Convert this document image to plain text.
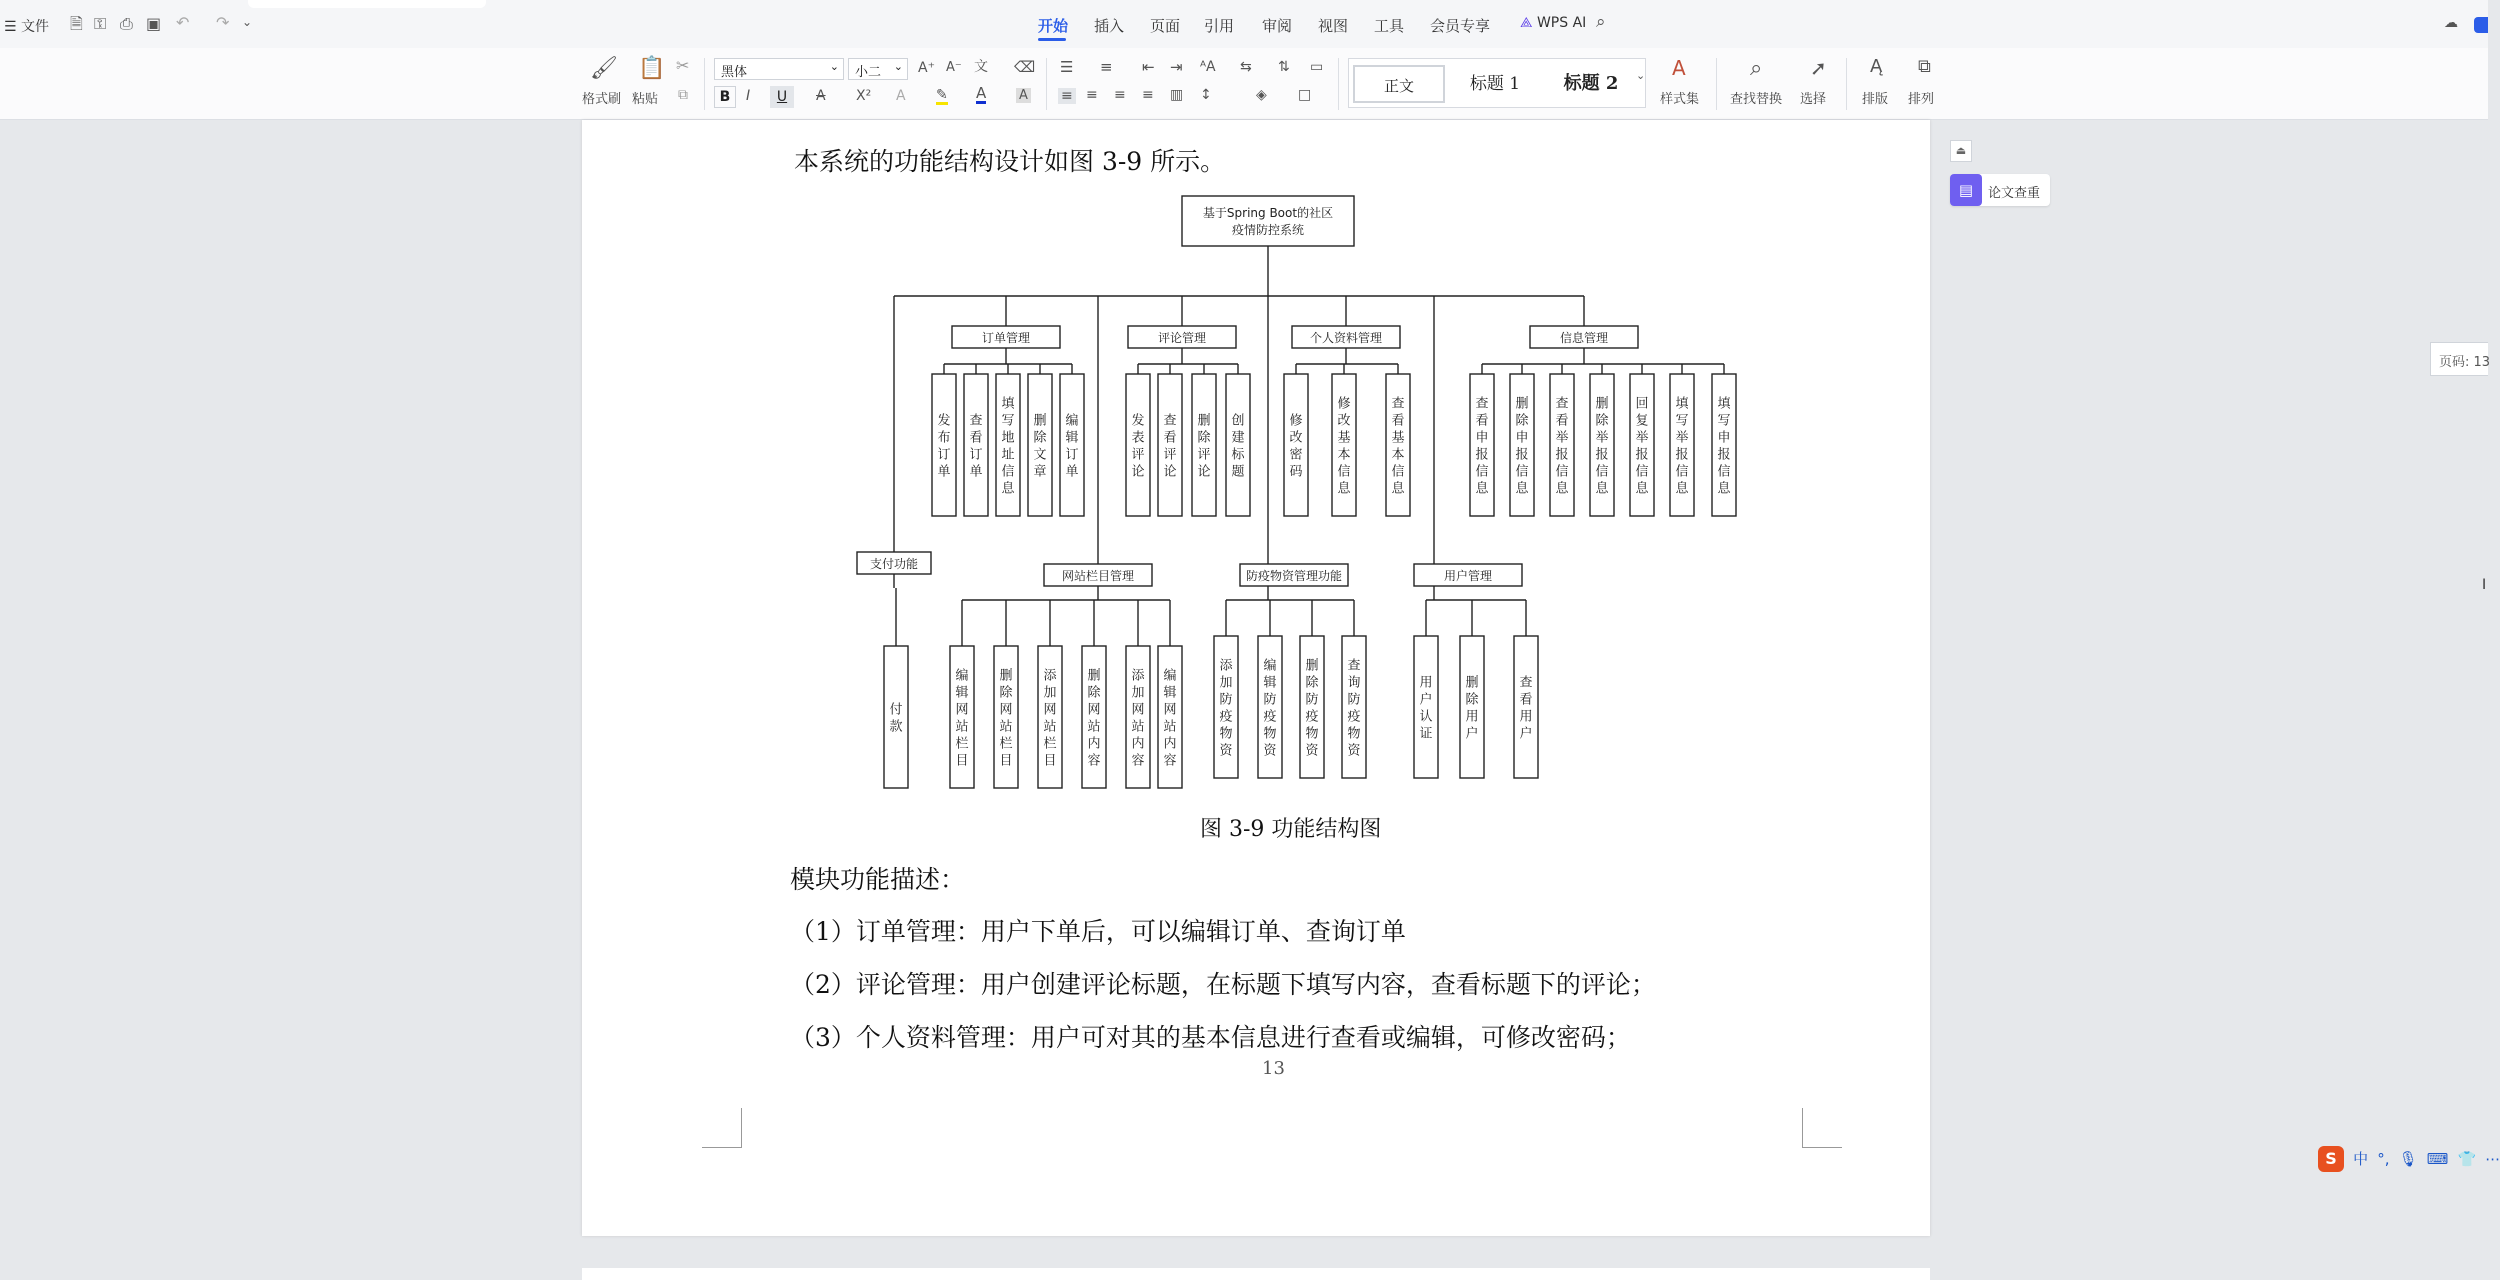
☰ 文件 🗎 ⚿ ⎙ ▣ ↶ ↷ ⌄	开始 插入 页面 引用 审阅 视图 工具 会员专享 ⟁ WPS AI ⌕	☁
🖌
格式刷
📋
粘贴
✂
⧉
黑体	⌄	小二 ⌄ A⁺ A⁻ 文 ⌫
B	I	U	A X² A ✎ A	A
☰ ≡ ⇤ ⇥ ᴬA ⇆ ⇅ ▭
≡ ≡ ≡ ≡ ▥ ↕	◈ □	正文	标题 1	标题 2	⌄ A
样式集
⌕
查找替换
➚
选择
Ą
排版
⧉
排列
本系统的功能结构设计如图 3-9 所示。
基于Spring Boot的社区
疫情防控系统
订单管理
发
布
订
单
查
看
订
单
填
写
地
址
信
息
删
除
文
章
编
辑
订
单
评论管理
发
表
评
论
查
看
评
论
删
除
评
论
创
建
标
题
个人资料管理
修
改
密
码
修
改
基
本
信
息
查
看
基
本
信
息
信息管理
查
看
申
报
信
息
删
除
申
报
信
息
查
看
举
报
信
息
删
除
举
报
信
息
回
复
举
报
信
息
填
写
举
报
信
息
填
写
申
报
信
息
支付功能
付
款
网站栏目管理
编
辑
网
站
栏
目
删
除
网
站
栏
目
添
加
网
站
栏
目
删
除
网
站
内
容
添
加
网
站
内
容
编
辑
网
站
内
容
防疫物资管理功能
添
加
防
疫
物
资
编
辑
防
疫
物
资
删
除
防
疫
物
资
查
询
防
疫
物
资
用户管理
用
户
认
证
删
除
用
户
查
看
用
户
图 3-9 功能结构图
模块功能描述：
（1）订单管理：用户下单后，可以编辑订单、查询订单
（2）评论管理：用户创建评论标题，在标题下填写内容，查看标题下的评论；
（3）个人资料管理：用户可对其的基本信息进行查看或编辑，可修改密码；
13
⏏
▤	论文查重
页码: 13
I
S 中 °, 🎙 ⌨ 👕 ⋯
